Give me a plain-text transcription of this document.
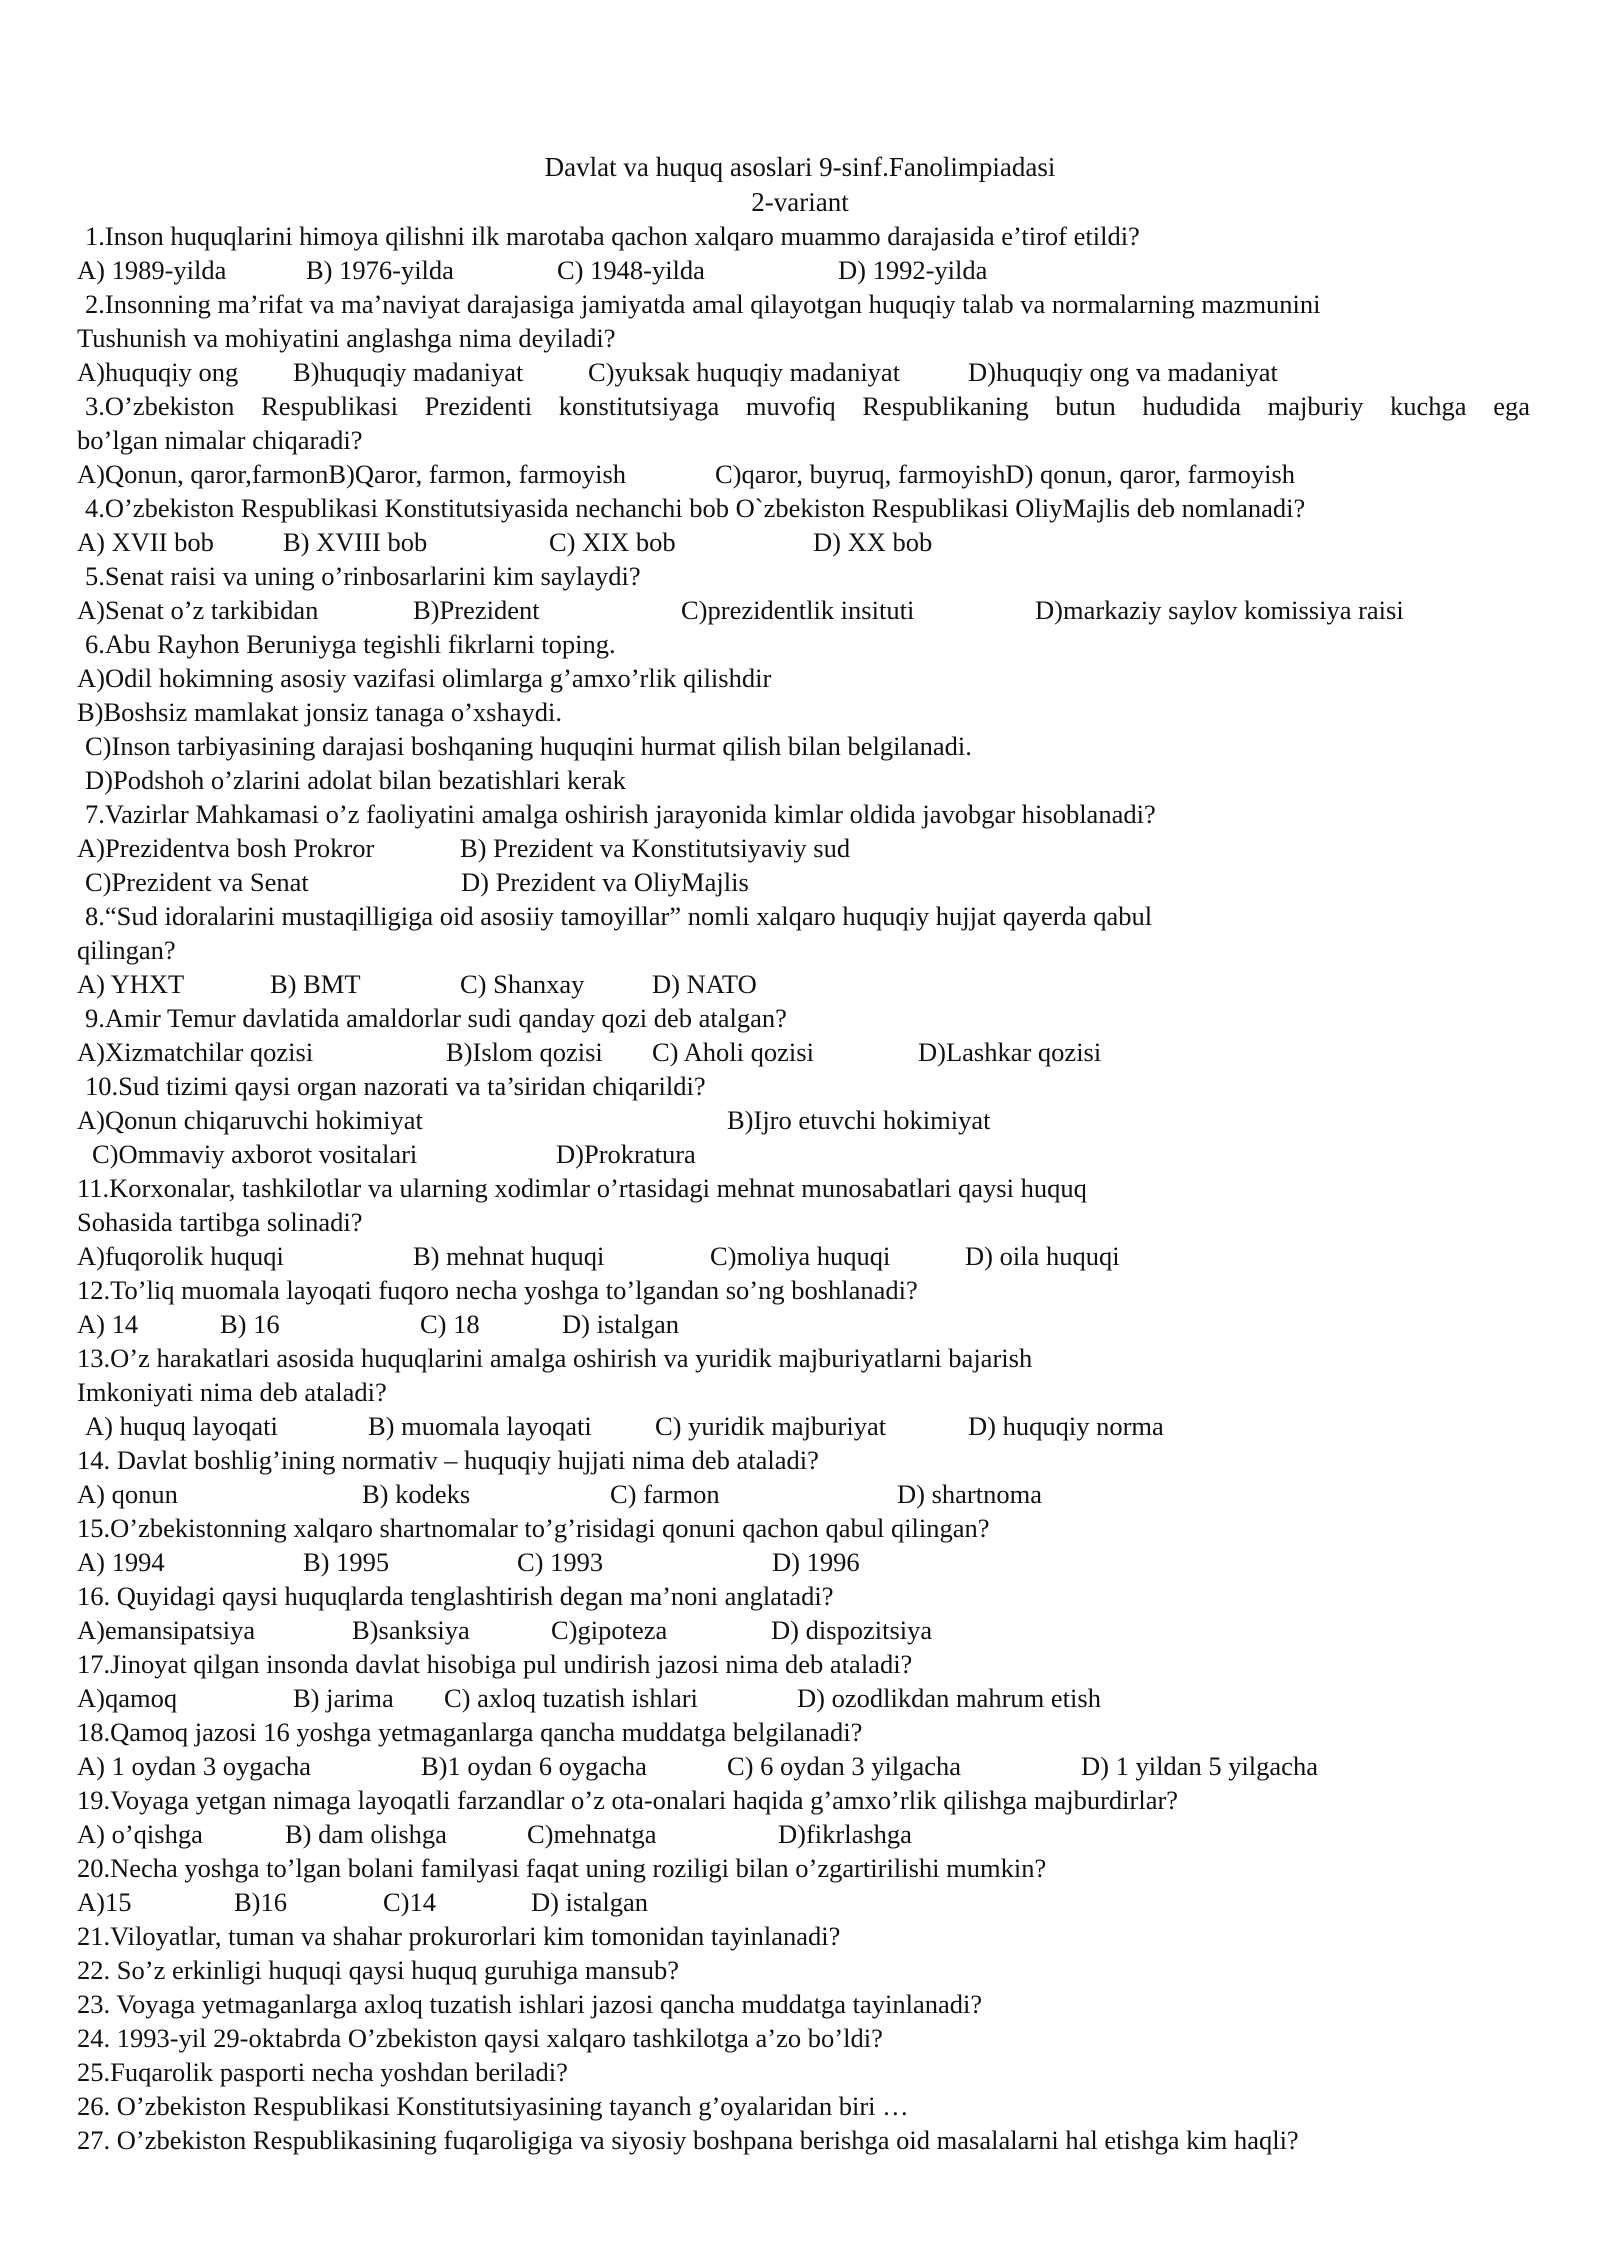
Davlat va huquq asoslari 9-sinf.Fanolimpiadasi
2-variant
1.Inson huquqlarini himoya qilishni ilk marotaba qachon xalqaro muammo darajasida e’tirof etildi?
A) 1989-yilda	B) 1976-yilda	C) 1948-yilda	D) 1992-yilda
2.Insonning ma’rifat va ma’naviyat darajasiga jamiyatda amal qilayotgan huquqiy talab va normalarning mazmunini
Tushunish va mohiyatini anglashga nima deyiladi?
A)huquqiy ong B)huquqiy madaniyat C)yuksak huquqiy madaniyat	D)huquqiy ong va madaniyat
3.O’zbekiston Respublikasi Prezidenti konstitutsiyaga muvofiq Respublikaning butun hududida majburiy kuchga ega
bo’lgan nimalar chiqaradi?
A)Qonun, qaror,farmonB)Qaror, farmon, farmoyish	C)qaror, buyruq, farmoyishD) qonun, qaror, farmoyish
4.O’zbekiston Respublikasi Konstitutsiyasida nechanchi bob O`zbekiston Respublikasi OliyMajlis deb nomlanadi?
A) XVII bob	B) XVIII bob	C) XIX bob	D) XX bob
5.Senat raisi va uning o’rinbosarlarini kim saylaydi?
A)Senat o’z tarkibidan	B)Prezident	C)prezidentlik insituti	D)markaziy saylov komissiya raisi
6.Abu Rayhon Beruniyga tegishli fikrlarni toping.
A)Odil hokimning asosiy vazifasi olimlarga g’amxo’rlik qilishdir
B)Boshsiz mamlakat jonsiz tanaga o’xshaydi.
C)Inson tarbiyasining darajasi boshqaning huquqini hurmat qilish bilan belgilanadi.
D)Podshoh o’zlarini adolat bilan bezatishlari kerak
7.Vazirlar Mahkamasi o’z faoliyatini amalga oshirish jarayonida kimlar oldida javobgar hisoblanadi?
A)Prezidentva bosh Prokror	B) Prezident va Konstitutsiyaviy sud
C)Prezident va Senat	D) Prezident va OliyMajlis
8.“Sud idoralarini mustaqilligiga oid asosiiy tamoyillar” nomli xalqaro huquqiy hujjat qayerda qabul
qilingan?
A) YHXT	B) BMT	C) Shanxay	D) NATO
9.Amir Temur davlatida amaldorlar sudi qanday qozi deb atalgan?
A)Xizmatchilar qozisi	B)Islom qozisi C) Aholi qozisi	D)Lashkar qozisi
10.Sud tizimi qaysi organ nazorati va ta’siridan chiqarildi?
A)Qonun chiqaruvchi hokimiyat	B)Ijro etuvchi hokimiyat
C)Ommaviy axborot vositalari	D)Prokratura
11.Korxonalar, tashkilotlar va ularning xodimlar o’rtasidagi mehnat munosabatlari qaysi huquq
Sohasida tartibga solinadi?
A)fuqorolik huquqi	B) mehnat huquqi	C)moliya huquqi	D) oila huquqi
12.To’liq muomala layoqati fuqoro necha yoshga to’lgandan so’ng boshlanadi?
A) 14	B) 16	C) 18	D) istalgan
13.O’z harakatlari asosida huquqlarini amalga oshirish va yuridik majburiyatlarni bajarish
Imkoniyati nima deb ataladi?
A) huquq layoqati	B) muomala layoqati C) yuridik majburiyat	D) huquqiy norma
14. Davlat boshlig’ining normativ – huquqiy hujjati nima deb ataladi?
A) qonun	B) kodeks	C) farmon	D) shartnoma
15.O’zbekistonning xalqaro shartnomalar to’g’risidagi qonuni qachon qabul qilingan?
A) 1994	B) 1995	C) 1993	D) 1996
16. Quyidagi qaysi huquqlarda tenglashtirish degan ma’noni anglatadi?
A)emansipatsiya	B)sanksiya	C)gipoteza	D) dispozitsiya
17.Jinoyat qilgan insonda davlat hisobiga pul undirish jazosi nima deb ataladi?
A)qamoq	B) jarima C) axloq tuzatish ishlari	D) ozodlikdan mahrum etish
18.Qamoq jazosi 16 yoshga yetmaganlarga qancha muddatga belgilanadi?
A) 1 oydan 3 oygacha	B)1 oydan 6 oygacha	C) 6 oydan 3 yilgacha	D) 1 yildan 5 yilgacha
19.Voyaga yetgan nimaga layoqatli farzandlar o’z ota-onalari haqida g’amxo’rlik qilishga majburdirlar?
A) o’qishga	B) dam olishga	C)mehnatga	D)fikrlashga
20.Necha yoshga to’lgan bolani familyasi faqat uning roziligi bilan o’zgartirilishi mumkin?
A)15	B)16	C)14	D) istalgan
21.Viloyatlar, tuman va shahar prokurorlari kim tomonidan tayinlanadi?
22. So’z erkinligi huquqi qaysi huquq guruhiga mansub?
23. Voyaga yetmaganlarga axloq tuzatish ishlari jazosi qancha muddatga tayinlanadi?
24. 1993-yil 29-oktabrda O’zbekiston qaysi xalqaro tashkilotga a’zo bo’ldi?
25.Fuqarolik pasporti necha yoshdan beriladi?
26. O’zbekiston Respublikasi Konstitutsiyasining tayanch g’oyalaridan biri …
27. O’zbekiston Respublikasining fuqaroligiga va siyosiy boshpana berishga oid masalalarni hal etishga kim haqli?
